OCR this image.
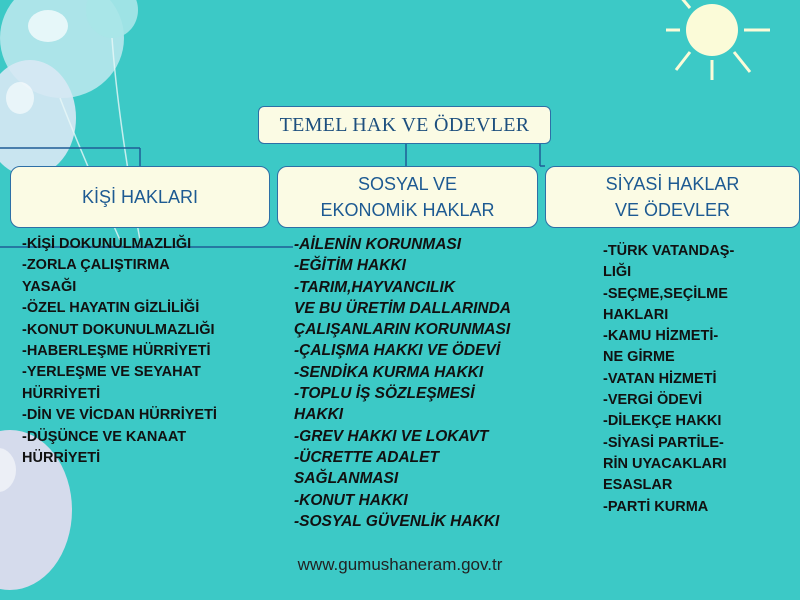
TEMEL HAK VE ÖDEVLER
KİŞİ HAKLARI
SOSYAL VE
EKONOMİK HAKLAR
SİYASİ HAKLAR
VE ÖDEVLER
-KİŞİ DOKUNULMAZLIĞI
-ZORLA ÇALIŞTIRMA
YASAĞI
-ÖZEL HAYATIN GİZLİLİĞİ
-KONUT DOKUNULMAZLIĞI
-HABERLEŞME HÜRRİYETİ
-YERLEŞME VE SEYAHAT
HÜRRİYETİ
-DİN VE VİCDAN HÜRRİYETİ
-DÜŞÜNCE VE KANAAT
HÜRRİYETİ
-AİLENİN KORUNMASI
-EĞİTİM HAKKI
-TARIM,HAYVANCILIK
VE BU ÜRETİM DALLARINDA
ÇALIŞANLARIN KORUNMASI
-ÇALIŞMA HAKKI VE ÖDEVİ
-SENDİKA KURMA HAKKI
-TOPLU İŞ SÖZLEŞMESİ
HAKKI
-GREV HAKKI VE LOKAVT
-ÜCRETTE ADALET
SAĞLANMASI
-KONUT HAKKI
-SOSYAL GÜVENLİK HAKKI
-TÜRK VATANDAŞ-
LIĞI
-SEÇME,SEÇİLME
HAKLARI
-KAMU HİZMETİ-
NE GİRME
-VATAN HİZMETİ
-VERGİ ÖDEVİ
-DİLEKÇE HAKKI
-SİYASİ PARTİLE-
RİN UYACAKLARI
ESASLAR
-PARTİ KURMA
www.gumushaneram.gov.tr
